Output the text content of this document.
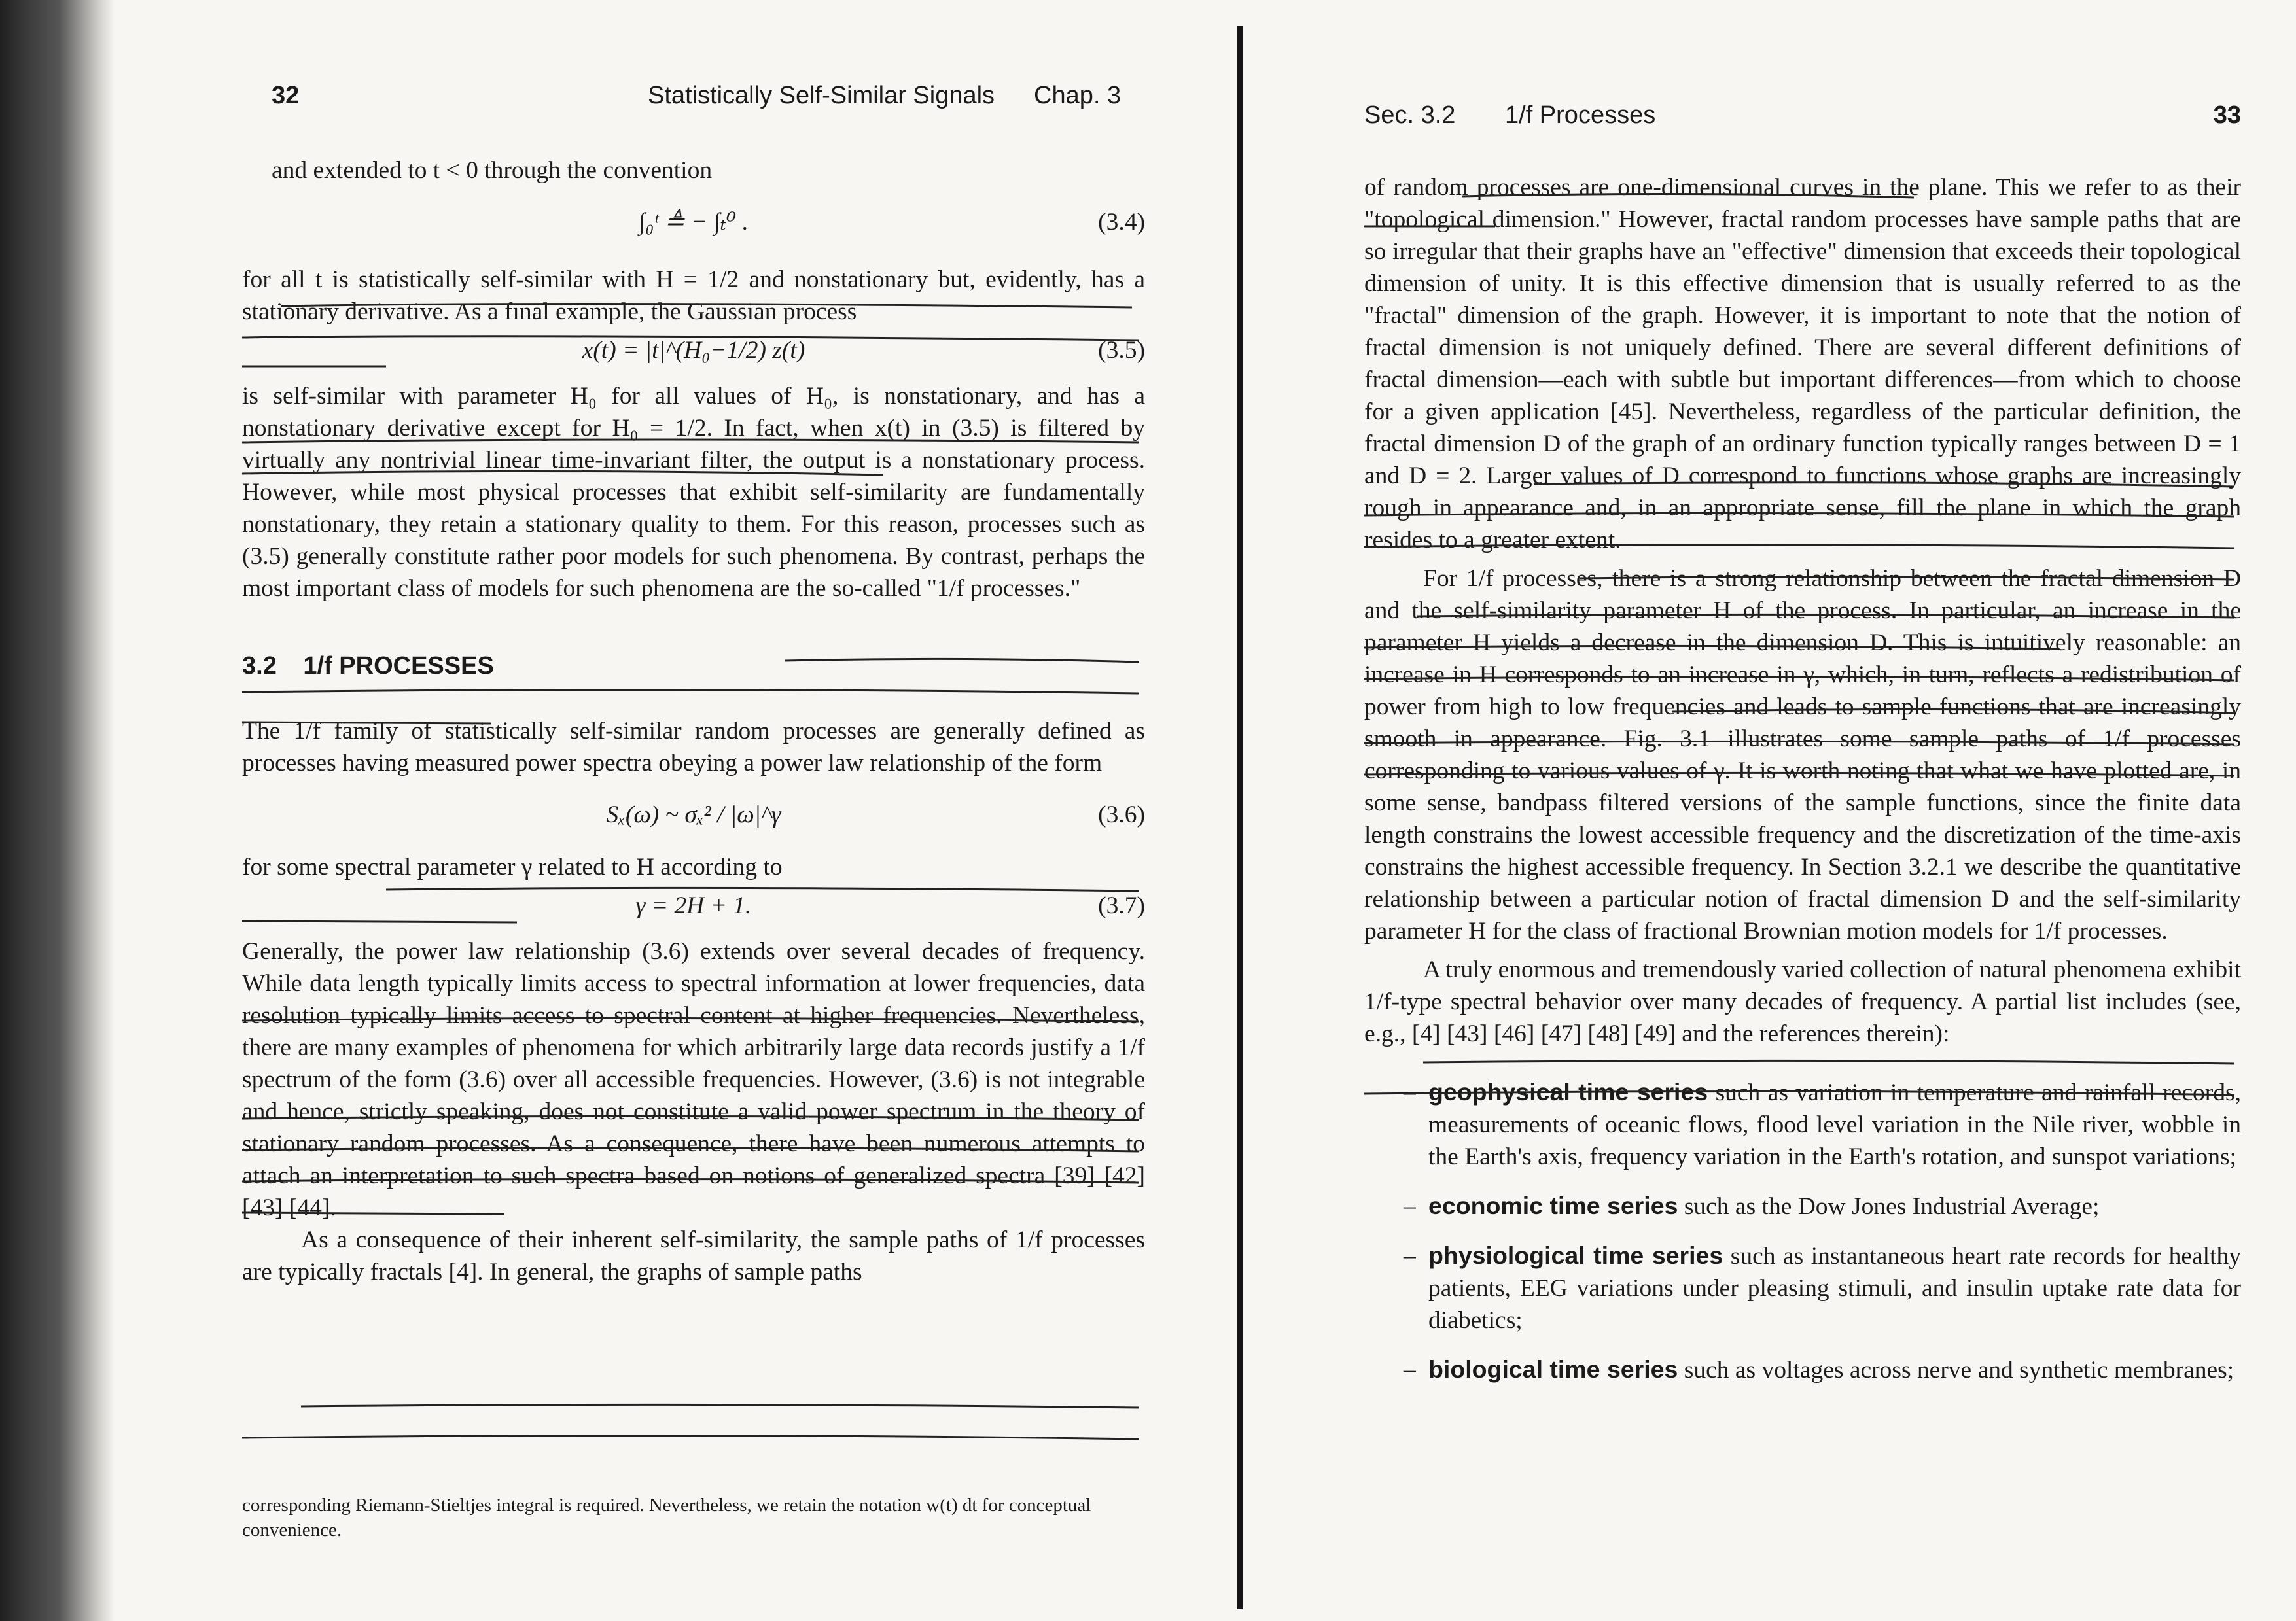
32	Statistically Self-Similar Signals Chap. 3

and extended to t < 0 through the convention

∫₀ᵗ ≜ − ∫ₜ⁰ .	(3.4)

for all t is statistically self-similar with H = 1/2 and nonstationary but, evidently, has a stationary derivative. As a final example, the Gaussian process

x(t) = |t|^(H₀−1/2) z(t)	(3.5)

is self-similar with parameter H₀ for all values of H₀, is nonstationary, and has a nonstationary derivative except for H₀ = 1/2. In fact, when x(t) in (3.5) is filtered by virtually any nontrivial linear time-invariant filter, the output is a nonstationary process. However, while most physical processes that exhibit self-similarity are fundamentally nonstationary, they retain a stationary quality to them. For this reason, processes such as (3.5) generally constitute rather poor models for such phenomena. By contrast, perhaps the most important class of models for such phenomena are the so-called "1/f processes."

3.2 1/f PROCESSES

The 1/f family of statistically self-similar random processes are generally defined as processes having measured power spectra obeying a power law relationship of the form

Sₓ(ω) ~ σₓ² / |ω|^γ	(3.6)

for some spectral parameter γ related to H according to

γ = 2H + 1.	(3.7)

Generally, the power law relationship (3.6) extends over several decades of frequency. While data length typically limits access to spectral information at lower frequencies, data resolution typically limits access to spectral content at higher frequencies. Nevertheless, there are many examples of phenomena for which arbitrarily large data records justify a 1/f spectrum of the form (3.6) over all accessible frequencies. However, (3.6) is not integrable and hence, strictly speaking, does not constitute a valid power spectrum in the theory of stationary random processes. As a consequence, there have been numerous attempts to attach an interpretation to such spectra based on notions of generalized spectra [39] [42] [43] [44].

As a consequence of their inherent self-similarity, the sample paths of 1/f processes are typically fractals [4]. In general, the graphs of sample paths

corresponding Riemann-Stieltjes integral is required. Nevertheless, we retain the notation w(t) dt for conceptual convenience.
Sec. 3.2 1/f Processes	33

of random processes are one-dimensional curves in the plane. This we refer to as their "topological dimension." However, fractal random processes have sample paths that are so irregular that their graphs have an "effective" dimension that exceeds their topological dimension of unity. It is this effective dimension that is usually referred to as the "fractal" dimension of the graph. However, it is important to note that the notion of fractal dimension is not uniquely defined. There are several different definitions of fractal dimension—each with subtle but important differences—from which to choose for a given application [45]. Nevertheless, regardless of the particular definition, the fractal dimension D of the graph of an ordinary function typically ranges between D = 1 and D = 2. Larger values of D correspond to functions whose graphs are increasingly rough in appearance and, in an appropriate sense, fill the plane in which the graph resides to a greater extent.

For 1/f processes, there is a strong relationship between the fractal dimension D and the self-similarity parameter H of the process. In particular, an increase in the parameter H yields a decrease in the dimension D. This is intuitively reasonable: an increase in H corresponds to an increase in γ, which, in turn, reflects a redistribution of power from high to low frequencies and leads to sample functions that are increasingly smooth in appearance. Fig. 3.1 illustrates some sample paths of 1/f processes corresponding to various values of γ. It is worth noting that what we have plotted are, in some sense, bandpass filtered versions of the sample functions, since the finite data length constrains the lowest accessible frequency and the discretization of the time-axis constrains the highest accessible frequency. In Section 3.2.1 we describe the quantitative relationship between a particular notion of fractal dimension D and the self-similarity parameter H for the class of fractional Brownian motion models for 1/f processes.

A truly enormous and tremendously varied collection of natural phenomena exhibit 1/f-type spectral behavior over many decades of frequency. A partial list includes (see, e.g., [4] [43] [46] [47] [48] [49] and the references therein):

– geophysical time series such as variation in temperature and rainfall records, measurements of oceanic flows, flood level variation in the Nile river, wobble in the Earth's axis, frequency variation in the Earth's rotation, and sunspot variations;
– economic time series such as the Dow Jones Industrial Average;
– physiological time series such as instantaneous heart rate records for healthy patients, EEG variations under pleasing stimuli, and insulin uptake rate data for diabetics;
– biological time series such as voltages across nerve and synthetic membranes;
